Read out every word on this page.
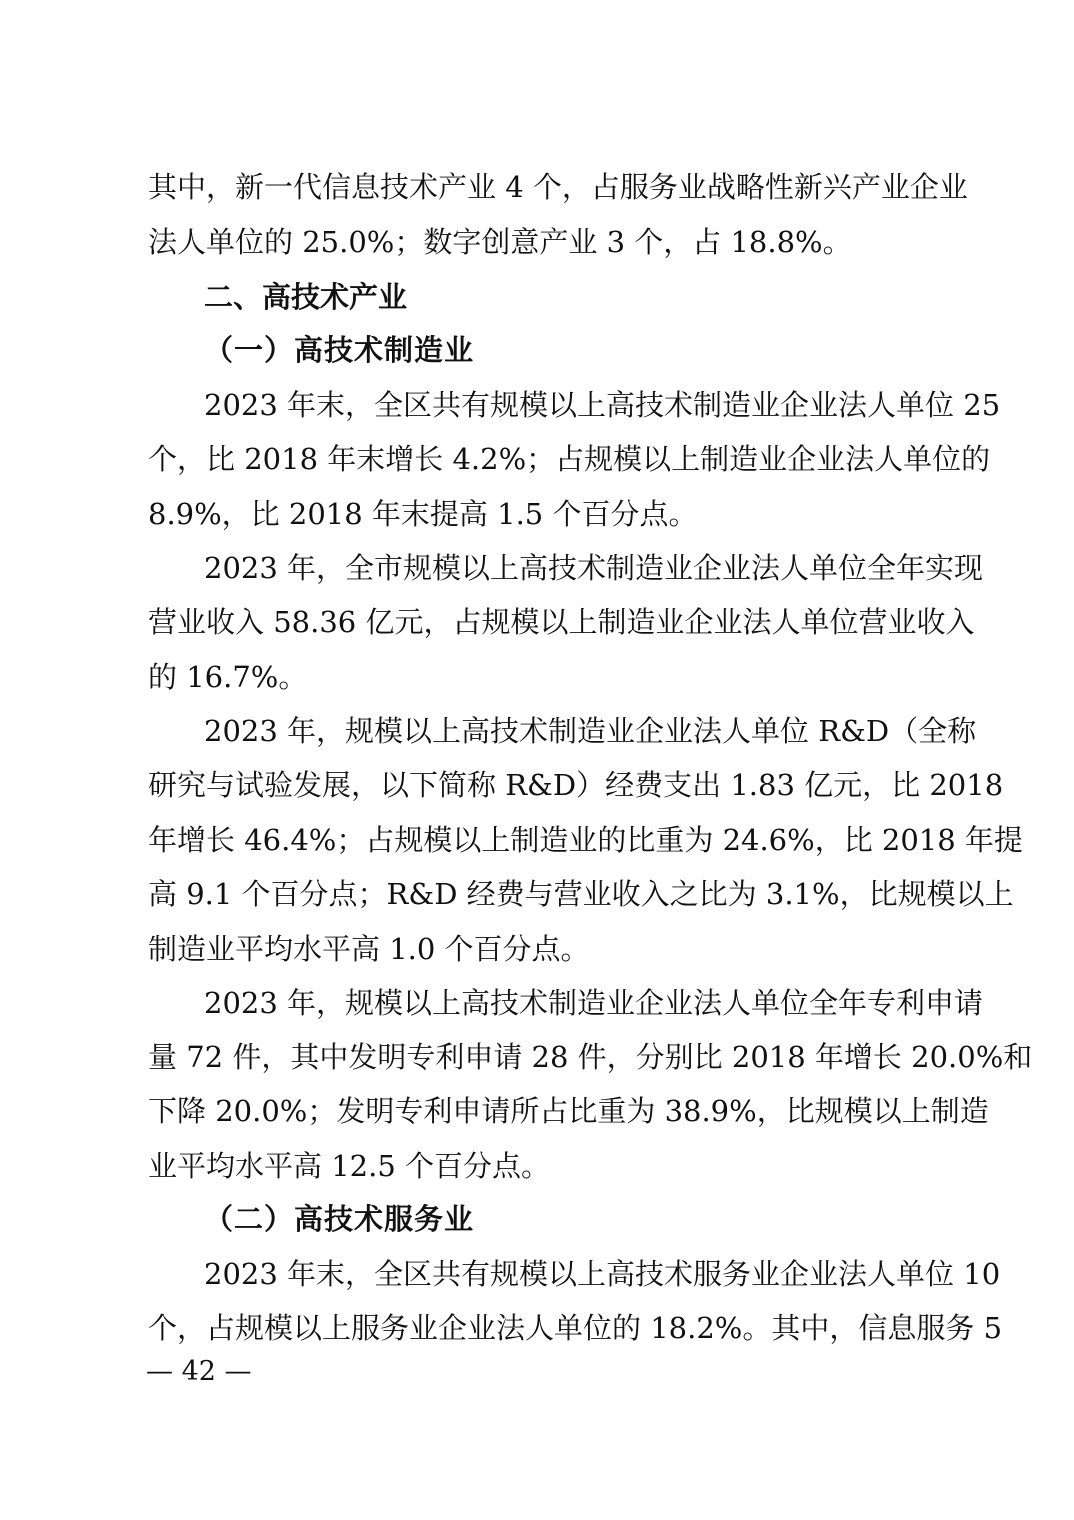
其中，新一代信息技术产业 4 个，占服务业战略性新兴产业企业
法人单位的 25.0%；数字创意产业 3 个，占 18.8%。
二、高技术产业
（一）高技术制造业
2023 年末，全区共有规模以上高技术制造业企业法人单位 25
个，比 2018 年末增长 4.2%；占规模以上制造业企业法人单位的
8.9%，比 2018 年末提高 1.5 个百分点。
2023 年，全市规模以上高技术制造业企业法人单位全年实现
营业收入 58.36 亿元，占规模以上制造业企业法人单位营业收入
的 16.7%。
2023 年，规模以上高技术制造业企业法人单位 R&D（全称
研究与试验发展，以下简称 R&D）经费支出 1.83 亿元，比 2018
年增长 46.4%；占规模以上制造业的比重为 24.6%，比 2018 年提
高 9.1 个百分点；R&D 经费与营业收入之比为 3.1%，比规模以上
制造业平均水平高 1.0 个百分点。
2023 年，规模以上高技术制造业企业法人单位全年专利申请
量 72 件，其中发明专利申请 28 件，分别比 2018 年增长 20.0%和
下降 20.0%；发明专利申请所占比重为 38.9%，比规模以上制造
业平均水平高 12.5 个百分点。
（二）高技术服务业
2023 年末，全区共有规模以上高技术服务业企业法人单位 10
个，占规模以上服务业企业法人单位的 18.2%。其中，信息服务 5
— 42 —
